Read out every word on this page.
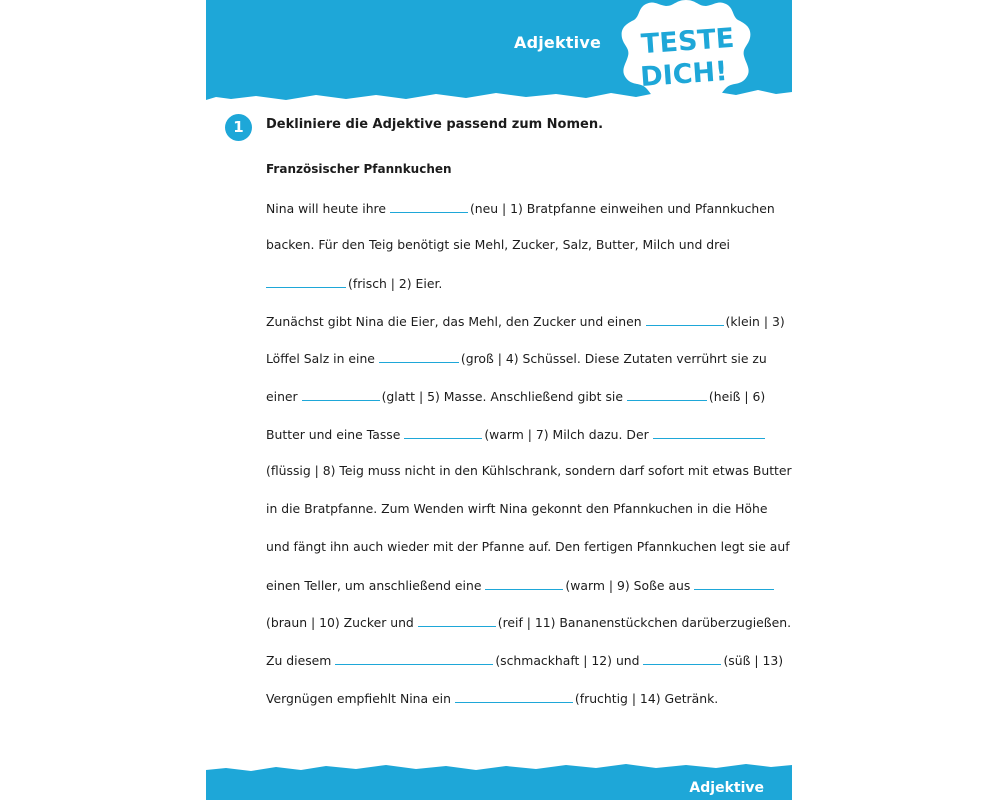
Adjektive TESTE
DICH!
1	Dekliniere die Adjektive passend zum Nomen.
Französischer Pfannkuchen
Nina will heute ihre	(neu | 1) Bratpfanne einweihen und Pfannkuchen
backen. Für den Teig benötigt sie Mehl, Zucker, Salz, Butter, Milch und drei
(frisch | 2) Eier.
Zunächst gibt Nina die Eier, das Mehl, den Zucker und einen	(klein | 3)
Löffel Salz in eine	(groß | 4) Schüssel. Diese Zutaten verrührt sie zu
einer	(glatt | 5) Masse. Anschließend gibt sie	(heiß | 6)
Butter und eine Tasse	(warm | 7) Milch dazu. Der
(flüssig | 8) Teig muss nicht in den Kühlschrank, sondern darf sofort mit etwas Butter
in die Bratpfanne. Zum Wenden wirft Nina gekonnt den Pfannkuchen in die Höhe
und fängt ihn auch wieder mit der Pfanne auf. Den fertigen Pfannkuchen legt sie auf
einen Teller, um anschließend eine	(warm | 9) Soße aus
(braun | 10) Zucker und	(reif | 11) Bananenstückchen darüberzugießen.
Zu diesem	(schmackhaft | 12) und	(süß | 13)
Vergnügen empfiehlt Nina ein	(fruchtig | 14) Getränk.
Adjektive
